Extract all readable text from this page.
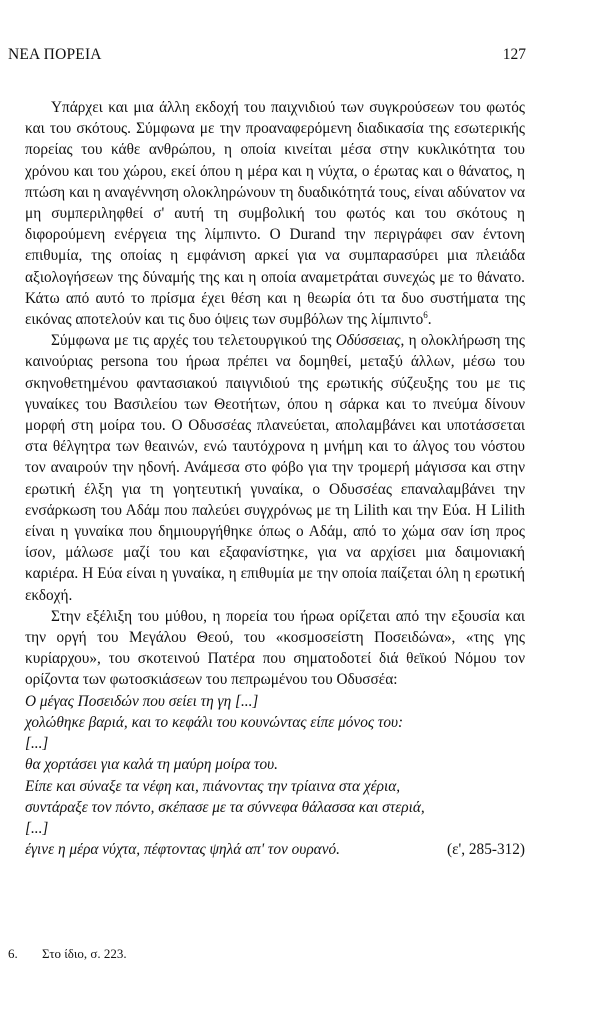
ΝΕΑ ΠΟΡΕΙΑ	127

Υπάρχει και μια άλλη εκδοχή του παιχνιδιού των συγκρούσεων του φωτός και του σκότους. Σύμφωνα με την προαναφερόμενη διαδικασία της εσωτερικής πορείας του κάθε ανθρώπου, η οποία κινείται μέσα στην κυκλικότητα του χρόνου και του χώρου, εκεί όπου η μέρα και η νύχτα, ο έρωτας και ο θάνατος, η πτώση και η αναγέννηση ολοκληρώνουν τη δυαδικότητά τους, είναι αδύνατον να μη συμπεριληφθεί σ' αυτή τη συμβολική του φωτός και του σκότους η διφορούμενη ενέργεια της λίμπιντο. Ο Durand την περιγράφει σαν έντονη επιθυμία, της οποίας η εμφάνιση αρκεί για να συμπαρασύρει μια πλειάδα αξιολογήσεων της δύναμής της και η οποία αναμετράται συνεχώς με το θάνατο. Κάτω από αυτό το πρίσμα έχει θέση και η θεωρία ότι τα δυο συστήματα της εικόνας αποτελούν και τις δυο όψεις των συμβόλων της λίμπιντο$^6$.

Σύμφωνα με τις αρχές του τελετουργικού της Οδύσσειας, η ολοκλήρωση της καινούριας persona του ήρωα πρέπει να δομηθεί, μεταξύ άλλων, μέσω του σκηνοθετημένου φαντασιακού παιγνιδιού της ερωτικής σύζευξης του με τις γυναίκες του Βασιλείου των Θεοτήτων, όπου η σάρκα και το πνεύμα δίνουν μορφή στη μοίρα του. Ο Οδυσσέας πλανεύεται, απολαμβάνει και υποτάσσεται στα θέλγητρα των θεαινών, ενώ ταυτόχρονα η μνήμη και το άλγος του νόστου τον αναιρούν την ηδονή. Ανάμεσα στο φόβο για την τρομερή μάγισσα και στην ερωτική έλξη για τη γοητευτική γυναίκα, ο Οδυσσέας επαναλαμβάνει την ενσάρκωση του Αδάμ που παλεύει συγχρόνως με τη Lilith και την Εύα. Η Lilith είναι η γυναίκα που δημιουργήθηκε όπως ο Αδάμ, από το χώμα σαν ίση προς ίσον, μάλωσε μαζί του και εξαφανίστηκε, για να αρχίσει μια δαιμονιακή καριέρα. Η Εύα είναι η γυναίκα, η επιθυμία με την οποία παίζεται όλη η ερωτική εκδοχή.

Στην εξέλιξη του μύθου, η πορεία του ήρωα ορίζεται από την εξουσία και την οργή του Μεγάλου Θεού, του «κοσμοσείστη Ποσειδώνα», «της γης κυρίαρχου», του σκοτεινού Πατέρα που σηματοδοτεί διά θεϊκού Νόμου τον ορίζοντα των φωτοσκιάσεων του πεπρωμένου του Οδυσσέα:

Ο μέγας Ποσειδών που σείει τη γη [...]
χολώθηκε βαριά, και το κεφάλι του κουνώντας είπε μόνος του:
[...]
θα χορτάσει για καλά τη μαύρη μοίρα του.
Είπε και σύναξε τα νέφη και, πιάνοντας την τρίαινα στα χέρια,
συντάραξε τον πόντο, σκέπασε με τα σύννεφα θάλασσα και στεριά,
[...]
έγινε η μέρα νύχτα, πέφτοντας ψηλά απ' τον ουρανό.	(ε', 285-312)
6. Στο ίδιο, σ. 223.
